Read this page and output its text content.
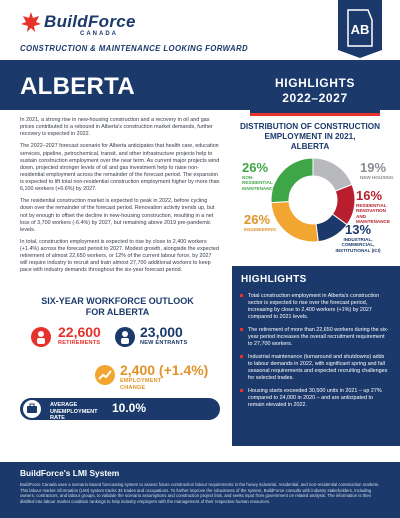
BuildForce
CANADA
CONSTRUCTION & MAINTENANCE LOOKING FORWARD
AB
ALBERTA	HIGHLIGHTS
2022–2027

In 2021, a strong rise in new-housing construction and a recovery in oil and gas prices contributed to a rebound in Alberta's construction market demands, further recovery is expected in 2022.

The 2022–2027 forecast scenario for Alberta anticipates that health care, education services, pipeline, petrochemical, transit, and other infrastructure projects help to sustain construction employment over the near term. As current major projects wind down, projected stronger levels of oil and gas investment help to raise non-residential employment across the remainder of the forecast period. The expansion is expected to lift total non-residential construction employment higher by more than 6,100 workers (+6.6%) by 2027.

The residential construction market is expected to peak in 2022, before cycling down over the remainder of the forecast period. Renovation activity trends up, but not by enough to offset the decline in new-housing construction, resulting in a net loss of 3,700 workers (-6.4%) by 2027, but remaining above 2019 pre-pandemic levels.

In total, construction employment is expected to rise by close to 2,400 workers (+1.4%) across the forecast period to 2027. Modest growth, alongside the expected retirement of almost 22,650 workers, or 12% of the current labour force, by 2027 will require industry to recruit and train almost 27,700 additional workers to keep pace with industry demands throughout the six-year forecast period.

DISTRIBUTION OF CONSTRUCTION
EMPLOYMENT IN 2021,
ALBERTA
19%
NEW HOUSING
16%
RESIDENTIAL RENOVATION AND MAINTENANCE
13%
INDUSTRIAL, COMMERCIAL, INSTITUTIONAL (ICI)
26%
ENGINEERING
26%
NON-RESIDENTIAL MAINTENANCE
SIX-YEAR WORKFORCE OUTLOOK
FOR ALBERTA
22,600
RETIREMENTS
23,000
NEW ENTRANTS
2,400 (+1.4%)
EMPLOYMENT
CHANGE
AVERAGE
UNEMPLOYMENT
RATE
10.0%
HIGHLIGHTS
Total construction employment in Alberta's construction sector is expected to rise over the forecast period, increasing by close to 2,400 workers (+1%) by 2027 compared to 2021 levels.
The retirement of more than 22,650 workers during the six-year period increases the overall recruitment requirement to 27,700 workers.
Industrial maintenance (turnaround and shutdowns) adds to labour demands in 2022, with significant spring and fall seasonal requirements and expected recruiting challenges for selected trades.
Housing starts exceeded 30,500 units in 2021 – up 27% compared to 24,000 in 2020 – and are anticipated to remain elevated in 2022.
BuildForce's LMI System
BuildForce Canada uses a scenario-based forecasting system to assess future construction labour requirements in the heavy industrial, residential, and non-residential construction markets. This labour market information (LMI) system tracks 34 trades and occupations. To further improve the robustness of the system, BuildForce consults with industry stakeholders, including owners, contractors, and labour groups, to validate the scenario assumptions and construction project lists, and seeks input from government on related analysis. The information is then distilled into labour market condition rankings to help industry employers with the management of their respective human resources.
